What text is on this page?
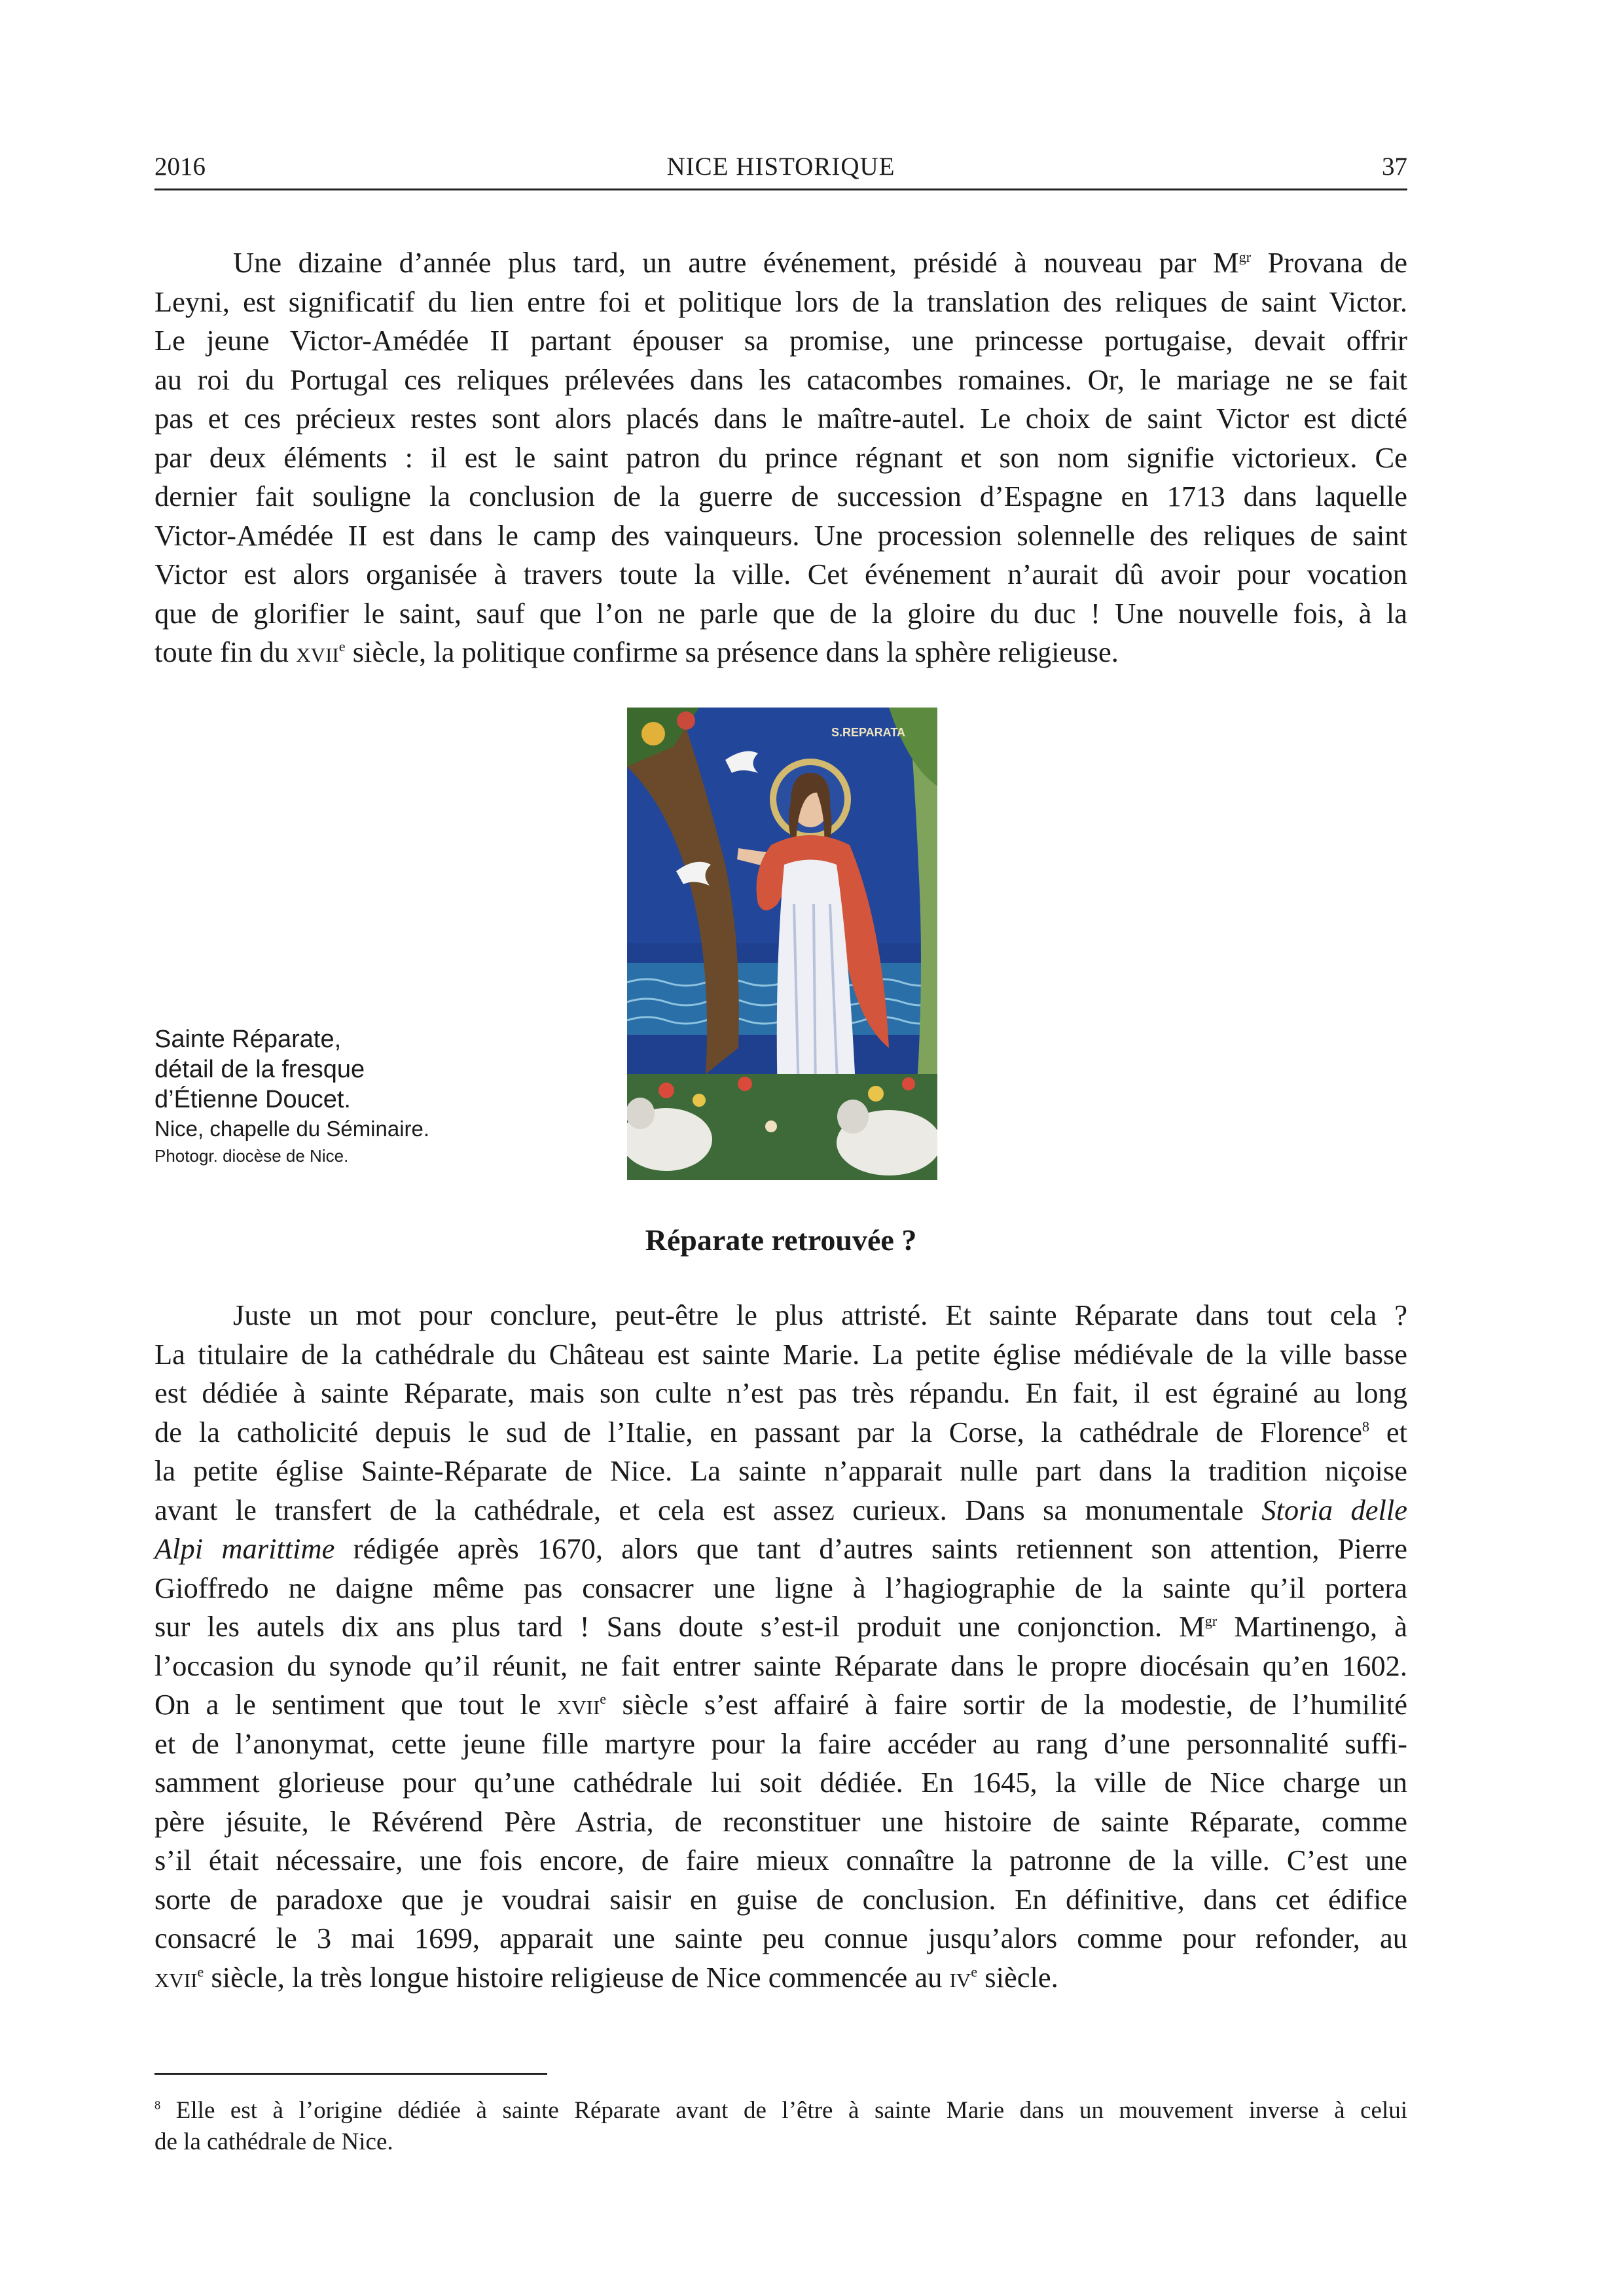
2016	NICE HISTORIQUE	37
Une dizaine d’année plus tard, un autre événement, présidé à nouveau par $M^{gr}$ Provana de
Leyni, est significatif du lien entre foi et politique lors de la translation des reliques de saint Victor.
Le jeune Victor-Amédée II partant épouser sa promise, une princesse portugaise, devait offrir
au roi du Portugal ces reliques prélevées dans les catacombes romaines. Or, le mariage ne se fait
pas et ces précieux restes sont alors placés dans le maître-autel. Le choix de saint Victor est dicté
par deux éléments : il est le saint patron du prince régnant et son nom signifie victorieux. Ce
dernier fait souligne la conclusion de la guerre de succession d’Espagne en 1713 dans laquelle
Victor-Amédée II est dans le camp des vainqueurs. Une procession solennelle des reliques de saint
Victor est alors organisée à travers toute la ville. Cet événement n’aurait dû avoir pour vocation
que de glorifier le saint, sauf que l’on ne parle que de la gloire du duc ! Une nouvelle fois, à la
toute fin du xvii$^e$ siècle, la politique confirme sa présence dans la sphère religieuse.
S.REPARATA
Sainte Réparate,
détail de la fresque
d’Étienne Doucet.
Nice, chapelle du Séminaire.
Photogr. diocèse de Nice.
Réparate retrouvée ?
Juste un mot pour conclure, peut-être le plus attristé. Et sainte Réparate dans tout cela ?
La titulaire de la cathédrale du Château est sainte Marie. La petite église médiévale de la ville basse
est dédiée à sainte Réparate, mais son culte n’est pas très répandu. En fait, il est égrainé au long
de la catholicité depuis le sud de l’Italie, en passant par la Corse, la cathédrale de Florence$^8$ et
la petite église Sainte-Réparate de Nice. La sainte n’apparait nulle part dans la tradition niçoise
avant le transfert de la cathédrale, et cela est assez curieux. Dans sa monumentale Storia delle
Alpi marittime rédigée après 1670, alors que tant d’autres saints retiennent son attention, Pierre
Gioffredo ne daigne même pas consacrer une ligne à l’hagiographie de la sainte qu’il portera
sur les autels dix ans plus tard ! Sans doute s’est-il produit une conjonction. $M^{gr}$ Martinengo, à
l’occasion du synode qu’il réunit, ne fait entrer sainte Réparate dans le propre diocésain qu’en 1602.
On a le sentiment que tout le xvii$^e$ siècle s’est affairé à faire sortir de la modestie, de l’humilité
et de l’anonymat, cette jeune fille martyre pour la faire accéder au rang d’une personnalité suffi-
samment glorieuse pour qu’une cathédrale lui soit dédiée. En 1645, la ville de Nice charge un
père jésuite, le Révérend Père Astria, de reconstituer une histoire de sainte Réparate, comme
s’il était nécessaire, une fois encore, de faire mieux connaître la patronne de la ville. C’est une
sorte de paradoxe que je voudrai saisir en guise de conclusion. En définitive, dans cet édifice
consacré le 3 mai 1699, apparait une sainte peu connue jusqu’alors comme pour refonder, au
xvii$^e$ siècle, la très longue histoire religieuse de Nice commencée au $iv^e$ siècle.
$^8$ Elle est à l’origine dédiée à sainte Réparate avant de l’être à sainte Marie dans un mouvement inverse à celui
de la cathédrale de Nice.
